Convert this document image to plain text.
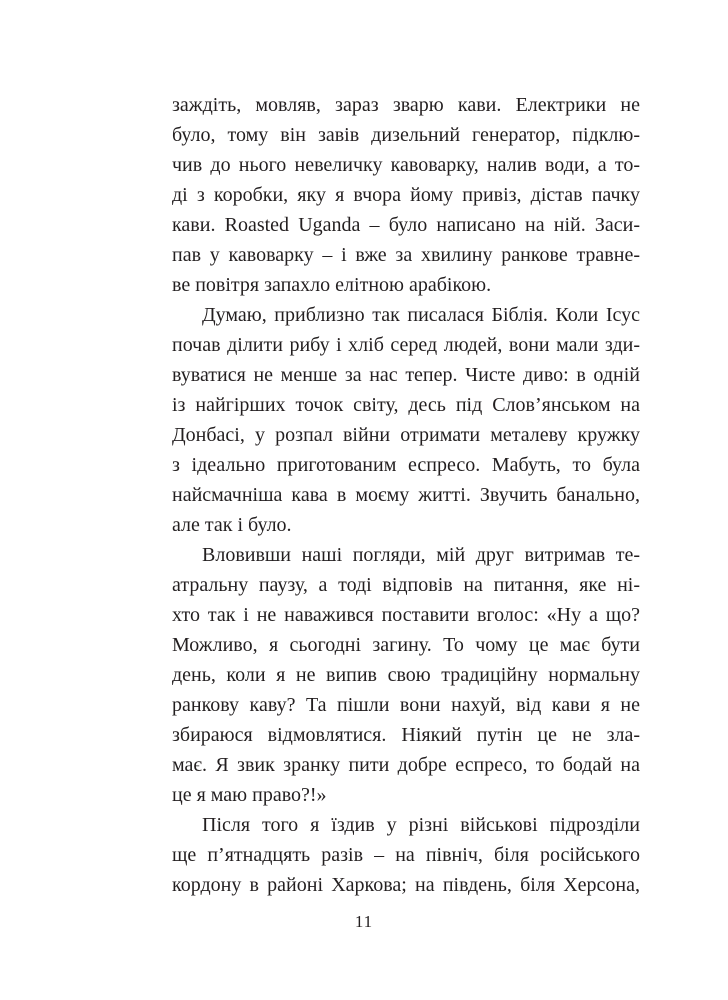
заждіть, мовляв, зараз зварю кави. Електрики не
було, тому він завів дизельний генератор, підклю-
чив до нього невеличку кавоварку, налив води, а то-
ді з коробки, яку я вчора йому привіз, дістав пачку
кави. Roasted Uganda – було написано на ній. Заси-
пав у кавоварку – і вже за хвилину ранкове травне-
ве повітря запахло елітною арабікою.

Думаю, приблизно так писалася Біблія. Коли Ісус
почав ділити рибу і хліб серед людей, вони мали зди-
вуватися не менше за нас тепер. Чисте диво: в одній
із найгірших точок світу, десь під Слов’янськом на
Донбасі, у розпал війни отримати металеву кружку
з ідеально приготованим еспресо. Мабуть, то була
найсмачніша кава в моєму житті. Звучить банально,
але так і було.

Вловивши наші погляди, мій друг витримав те-
атральну паузу, а тоді відповів на питання, яке ні-
хто так і не наважився поставити вголос: «Ну а що?
Можливо, я сьогодні загину. То чому це має бути
день, коли я не випив свою традиційну нормальну
ранкову каву? Та пішли вони нахуй, від кави я не
збираюся відмовлятися. Ніякий путін це не зла-
має. Я звик зранку пити добре еспресо, то бодай на
це я маю право?!»

Після того я їздив у різні військові підрозділи
ще п’ятнадцять разів – на північ, біля російського
кордону в районі Харкова; на південь, біля Херсона,

11
